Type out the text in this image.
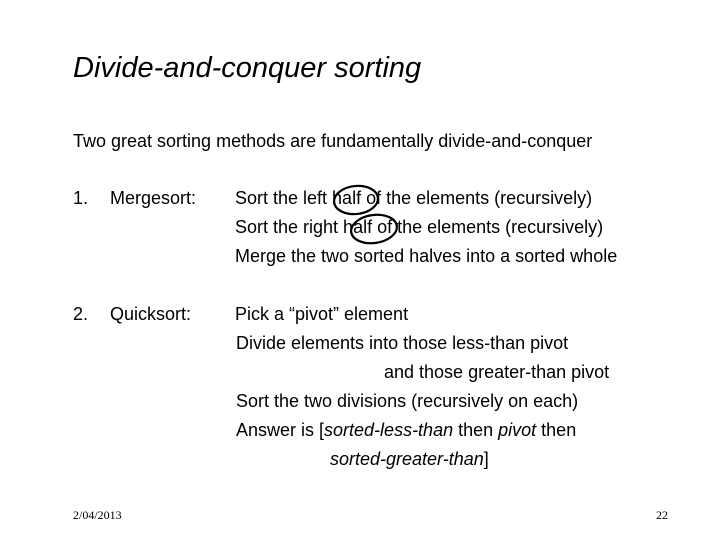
Divide-and-conquer sorting
Two great sorting methods are fundamentally divide-and-conquer
1. Mergesort: Sort the left half of the elements (recursively)
Sort the right half of the elements (recursively)
Merge the two sorted halves into a sorted whole
2. Quicksort: Pick a “pivot” element
Divide elements into those less-than pivot
and those greater-than pivot
Sort the two divisions (recursively on each)
Answer is [sorted-less-than then pivot then
sorted-greater-than]
2/04/2013	22
